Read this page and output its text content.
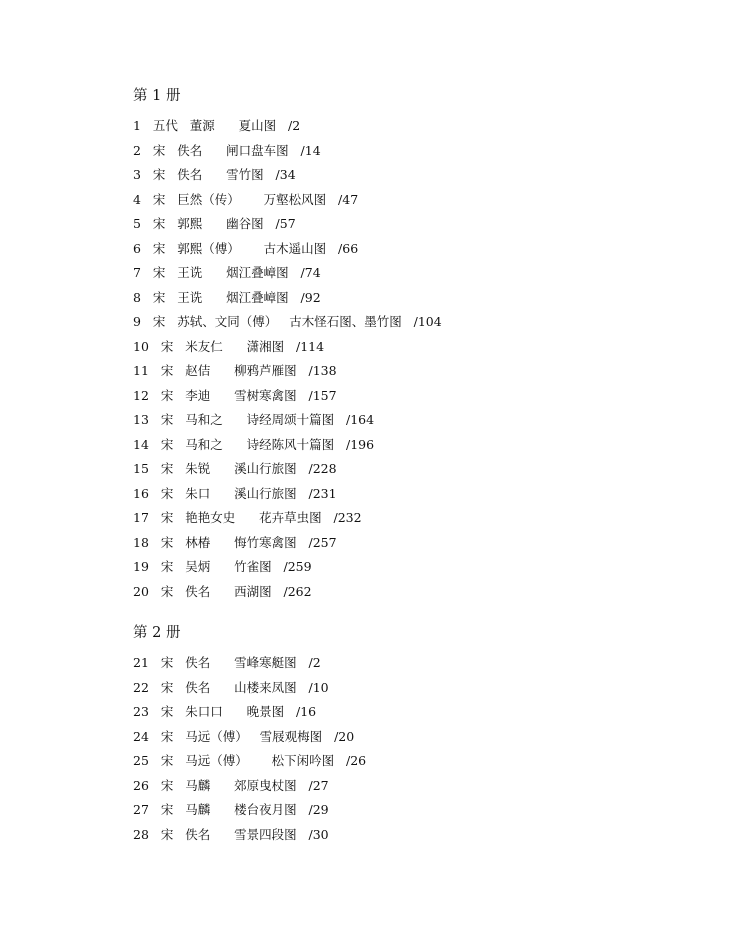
第 1 册
1   五代   董源      夏山图   /2
2   宋   佚名      闸口盘车图   /14
3   宋   佚名      雪竹图   /34
4   宋   巨然（传）      万壑松风图   /47
5   宋   郭熙      幽谷图   /57
6   宋   郭熙（傅）      古木遥山图   /66
7   宋   王诜      烟江叠嶂图   /74
8   宋   王诜      烟江叠嶂图   /92
9   宋   苏轼、文同（傅）   古木怪石图、墨竹图   /104
10   宋   米友仁      潇湘图   /114
11   宋   赵佶      柳鸦芦雁图   /138
12   宋   李迪      雪树寒禽图   /157
13   宋   马和之      诗经周颂十篇图   /164
14   宋   马和之      诗经陈风十篇图   /196
15   宋   朱锐      溪山行旅图   /228
16   宋   朱口      溪山行旅图   /231
17   宋   艳艳女史      花卉草虫图   /232
18   宋   林椿      悔竹寒禽图   /257
19   宋   吴炳      竹雀图   /259
20   宋   佚名      西湖图   /262
第 2 册
21   宋   佚名      雪峰寒艇图   /2
22   宋   佚名      山楼来凤图   /10
23   宋   朱口口      晚景图   /16
24   宋   马远（傅）   雪屐观梅图   /20
25   宋   马远（傅）      松下闲吟图   /26
26   宋   马麟      郊原曳杖图   /27
27   宋   马麟      楼台夜月图   /29
28   宋   佚名      雪景四段图   /30
